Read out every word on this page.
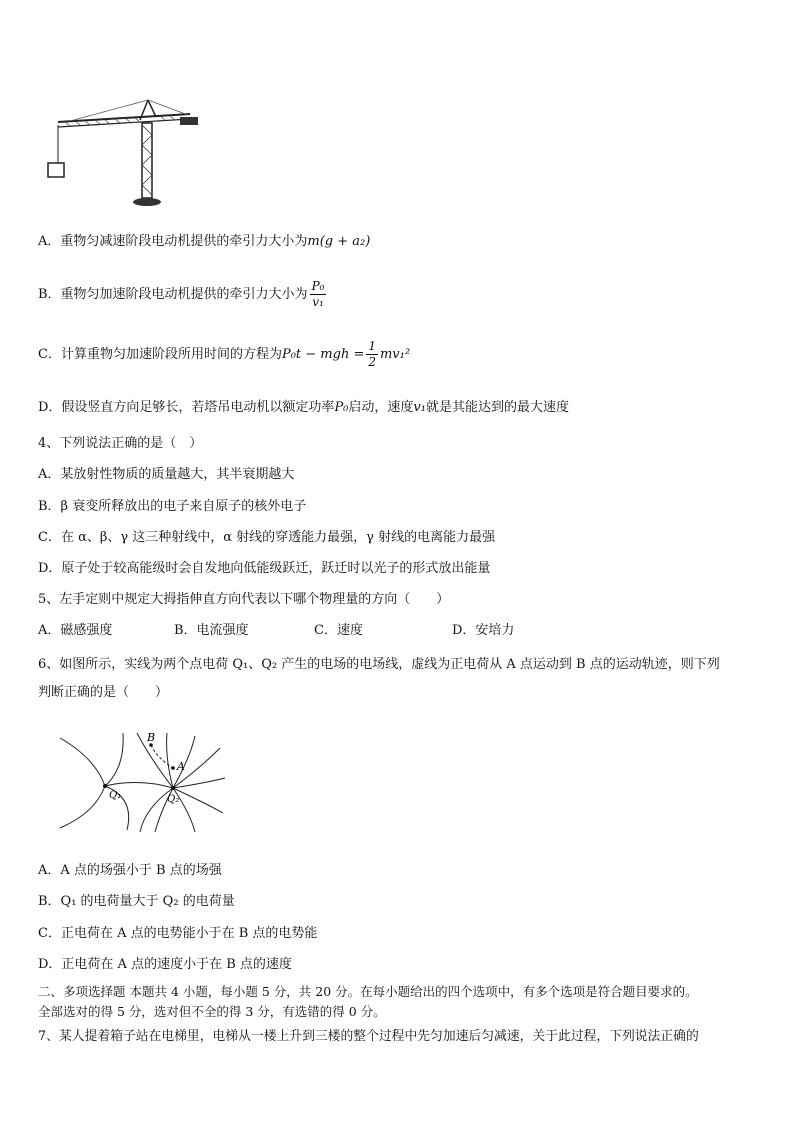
A．重物匀减速阶段电动机提供的牵引力大小为m(g + a₂)
B．重物匀加速阶段电动机提供的牵引力大小为 $\frac{\text{P₀}}{\text{v₁}}$
C．计算重物匀加速阶段所用时间的方程为P₀t − mgh = $\frac{1}{2} mv_1^2$
D．假设竖直方向足够长，若塔吊电动机以额定功率P₀启动，速度v₁就是其能达到的最大速度
4、下列说法正确的是（　）
A．某放射性物质的质量越大，其半衰期越大
B．β 衰变所释放出的电子来自原子的核外电子
C．在 α、β、γ 这三种射线中，α 射线的穿透能力最强，γ 射线的电离能力最强
D．原子处于较高能级时会自发地向低能级跃迁，跃迁时以光子的形式放出能量
5、左手定则中规定大拇指伸直方向代表以下哪个物理量的方向（　　）
A．磁感强度	B．电流强度	C．速度	D．安培力
6、如图所示，实线为两个点电荷 Q₁、Q₂ 产生的电场的电场线，虚线为正电荷从 A 点运动到 B 点的运动轨迹，则下列
判断正确的是（　　）
B
A
Q₁	Q₂
A．A 点的场强小于 B 点的场强
B．Q₁ 的电荷量大于 Q₂ 的电荷量
C．正电荷在 A 点的电势能小于在 B 点的电势能
D．正电荷在 A 点的速度小于在 B 点的速度
二、多项选择题 本题共 4 小题，每小题 5 分，共 20 分。在每小题给出的四个选项中，有多个选项是符合题目要求的。
全部选对的得 5 分，选对但不全的得 3 分，有选错的得 0 分。
7、某人提着箱子站在电梯里，电梯从一楼上升到三楼的整个过程中先匀加速后匀减速，关于此过程，下列说法正确的
